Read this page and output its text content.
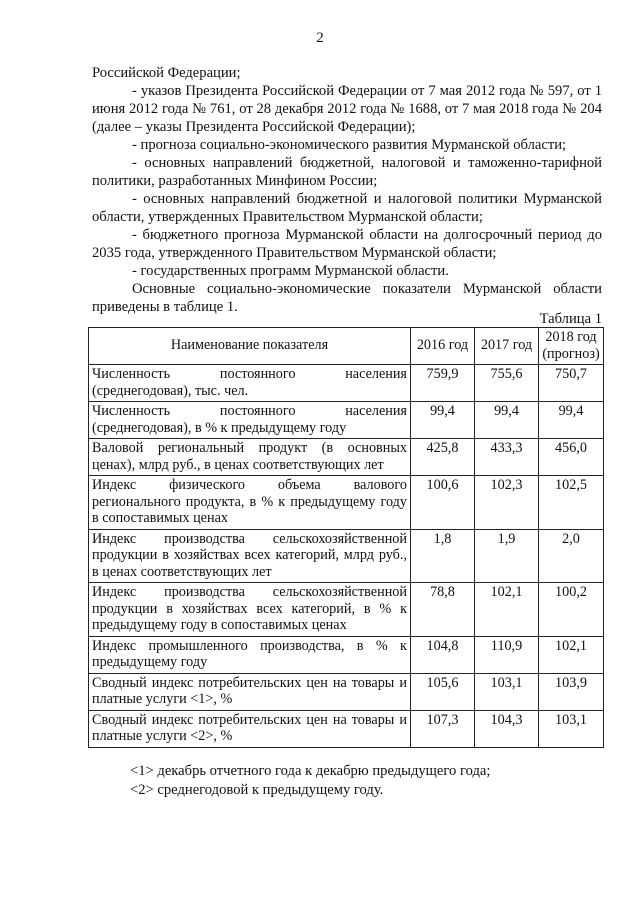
2

Российской Федерации;

- указов Президента Российской Федерации от 7 мая 2012 года № 597, от 1 июня 2012 года № 761, от 28 декабря 2012 года № 1688, от 7 мая 2018 года № 204 (далее – указы Президента Российской Федерации);

- прогноза социально-экономического развития Мурманской области;

- основных направлений бюджетной, налоговой и таможенно-тарифной политики, разработанных Минфином России;

- основных направлений бюджетной и налоговой политики Мурманской области, утвержденных Правительством Мурманской области;

- бюджетного прогноза Мурманской области на долгосрочный период до 2035 года, утвержденного Правительством Мурманской области;

- государственных программ Мурманской области.

Основные социально-экономические показатели Мурманской области приведены в таблице 1.

Таблица 1
Наименование показателя	2016 год	2017 год	2018 год (прогноз)
Численность постоянного населения (среднегодовая), тыс. чел.	759,9	755,6	750,7
Численность постоянного населения (среднегодовая), в % к предыдущему году	99,4	99,4	99,4
Валовой региональный продукт (в основных ценах), млрд руб., в ценах соответствующих лет	425,8	433,3	456,0
Индекс физического объема валового регионального продукта, в % к предыдущему году в сопоставимых ценах	100,6	102,3	102,5
Индекс производства сельскохозяйственной продукции в хозяйствах всех категорий, млрд руб., в ценах соответствующих лет	1,8	1,9	2,0
Индекс производства сельскохозяйственной продукции в хозяйствах всех категорий, в % к предыдущему году в сопоставимых ценах	78,8	102,1	100,2
Индекс промышленного производства, в % к предыдущему году	104,8	110,9	102,1
Сводный индекс потребительских цен на товары и платные услуги <1>, %	105,6	103,1	103,9
Сводный индекс потребительских цен на товары и платные услуги <2>, %	107,3	104,3	103,1

<1> декабрь отчетного года к декабрю предыдущего года;

<2> среднегодовой к предыдущему году.
